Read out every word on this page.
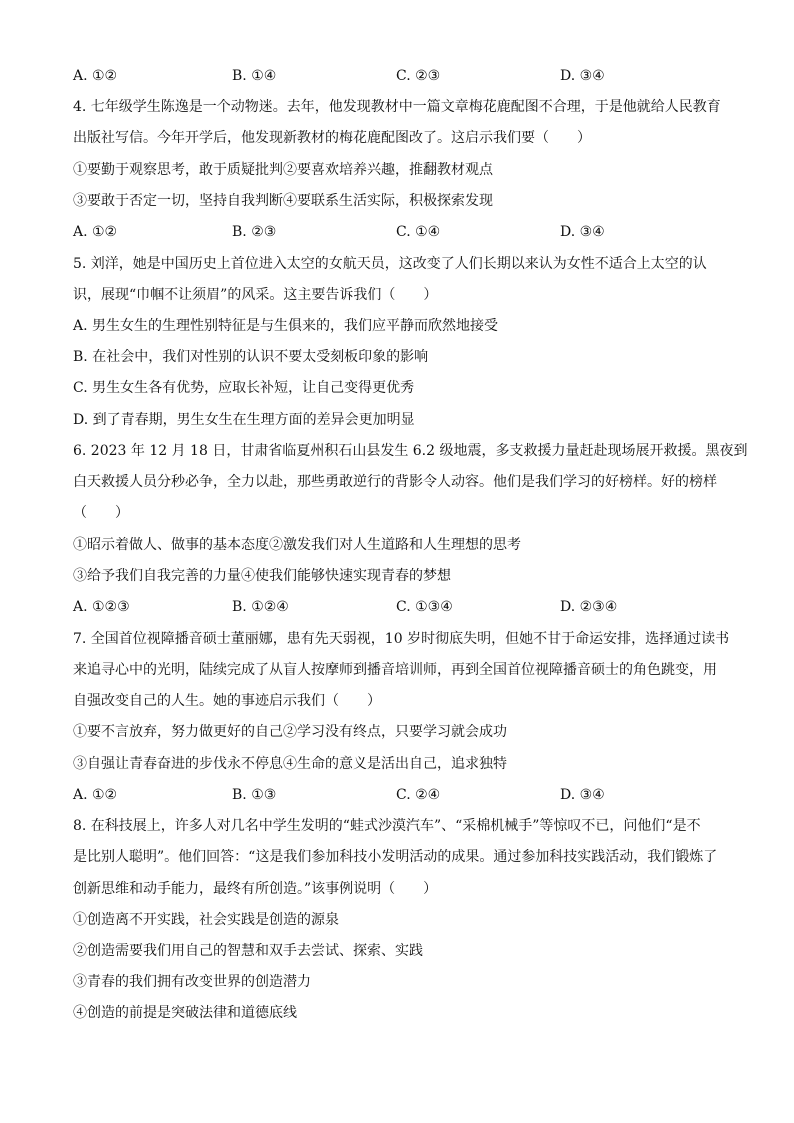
A. ①②	B. ①④	C. ②③	D. ③④
4. 七年级学生陈逸是一个动物迷。去年，他发现教材中一篇文章梅花鹿配图不合理，于是他就给人民教育
出版社写信。今年开学后，他发现新教材的梅花鹿配图改了。这启示我们要（　　）
①要勤于观察思考，敢于质疑批判②要喜欢培养兴趣，推翻教材观点
③要敢于否定一切，坚持自我判断④要联系生活实际，积极探索发现
A. ①②	B. ②③	C. ①④	D. ③④
5. 刘洋，她是中国历史上首位进入太空的女航天员，这改变了人们长期以来认为女性不适合上太空的认
识，展现“巾帼不让须眉”的风采。这主要告诉我们（　　）
A. 男生女生的生理性别特征是与生俱来的，我们应平静而欣然地接受
B. 在社会中，我们对性别的认识不要太受刻板印象的影响
C. 男生女生各有优势，应取长补短，让自己变得更优秀
D. 到了青春期，男生女生在生理方面的差异会更加明显
6. 2023 年 12 月 18 日，甘肃省临夏州积石山县发生 6.2 级地震，多支救援力量赶赴现场展开救援。黑夜到
白天救援人员分秒必争，全力以赴，那些勇敢逆行的背影令人动容。他们是我们学习的好榜样。好的榜样
（　　）
①昭示着做人、做事的基本态度②激发我们对人生道路和人生理想的思考
③给予我们自我完善的力量④使我们能够快速实现青春的梦想
A. ①②③	B. ①②④	C. ①③④	D. ②③④
7. 全国首位视障播音硕士董丽娜，患有先天弱视，10 岁时彻底失明，但她不甘于命运安排，选择通过读书
来追寻心中的光明，陆续完成了从盲人按摩师到播音培训师，再到全国首位视障播音硕士的角色跳变，用
自强改变自己的人生。她的事迹启示我们（　　）
①要不言放弃，努力做更好的自己②学习没有终点，只要学习就会成功
③自强让青春奋进的步伐永不停息④生命的意义是活出自己，追求独特
A. ①②	B. ①③	C. ②④	D. ③④
8. 在科技展上，许多人对几名中学生发明的“蛙式沙漠汽车”、“采棉机械手”等惊叹不已，问他们“是不
是比别人聪明”。他们回答：“这是我们参加科技小发明活动的成果。通过参加科技实践活动，我们锻炼了
创新思维和动手能力，最终有所创造。”该事例说明（　　）
①创造离不开实践，社会实践是创造的源泉
②创造需要我们用自己的智慧和双手去尝试、探索、实践
③青春的我们拥有改变世界的创造潜力
④创造的前提是突破法律和道德底线
